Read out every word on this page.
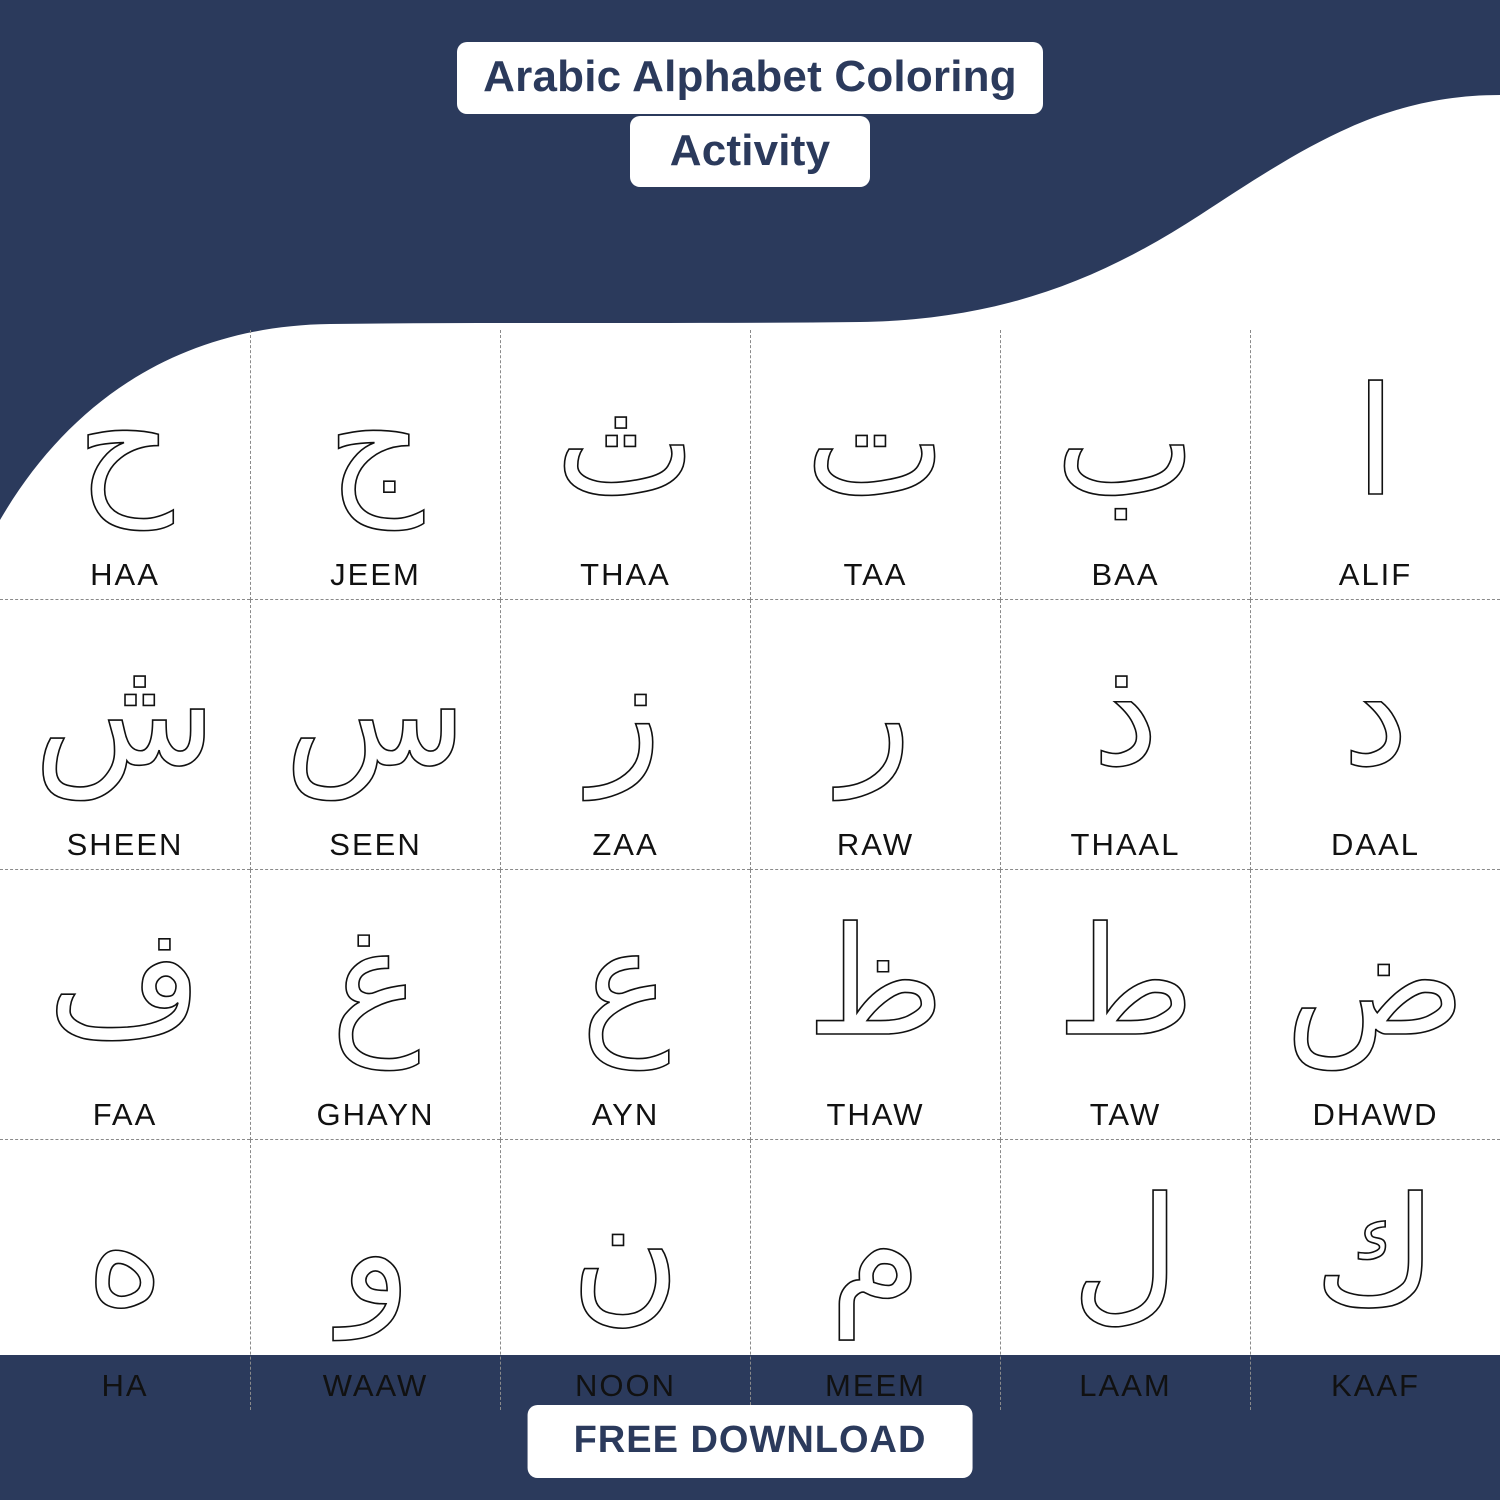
Arabic Alphabet Coloring
Activity
ا
ALIF
ب
BAA
ت
TAA
ث
THAA
ج
JEEM
ح
HAA
د
DAAL
ذ
THAAL
ر
RAW
ز
ZAA
س
SEEN
ش
SHEEN
ض
DHAWD
ط
TAW
ظ
THAW
ع
AYN
غ
GHAYN
ف
FAA
ك
KAAF
ل
LAAM
م
MEEM
ن
NOON
و
WAAW
ه
HA
FREE DOWNLOAD
